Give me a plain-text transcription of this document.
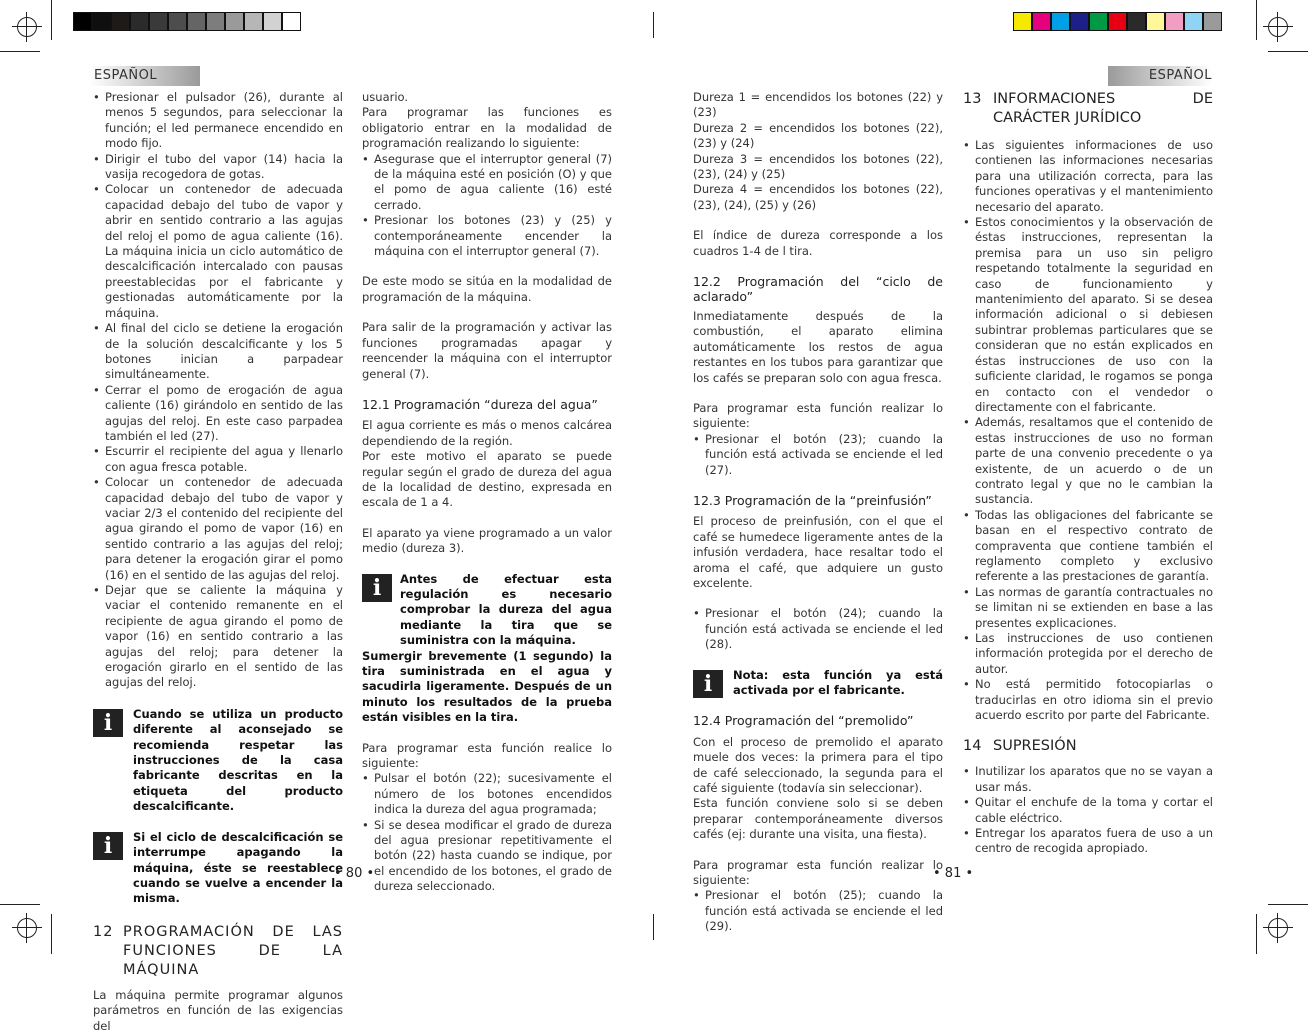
ESPAÑOL	ESPAÑOL
• Presionar el pulsador (26), durante al menos 5 segundos, para seleccionar la función; el led permanece encendido en modo fijo.
• Dirigir el tubo del vapor (14) hacia la vasija recogedora de gotas.
• Colocar un contenedor de adecuada capacidad debajo del tubo de vapor y abrir en sentido contrario a las agujas del reloj el pomo de agua caliente (16). La máquina inicia un ciclo automático de descalcificación intercalado con pausas preestablecidas por el fabricante y gestionadas automáticamente por la máquina.
• Al final del ciclo se detiene la erogación de la solución descalcificante y los 5 botones inician a parpadear simultáneamente.
• Cerrar el pomo de erogación de agua caliente (16) girándolo en sentido de las agujas del reloj. En este caso parpadea también el led (27).
• Escurrir el recipiente del agua y llenarlo con agua fresca potable.
• Colocar un contenedor de adecuada capacidad debajo del tubo de vapor y vaciar 2/3 el contenido del recipiente del agua girando el pomo de vapor (16) en sentido contrario a las agujas del reloj; para detener la erogación girar el pomo (16) en el sentido de las agujas del reloj.
• Dejar que se caliente la máquina y vaciar el contenido remanente en el recipiente de agua girando el pomo de vapor (16) en sentido contrario a las agujas del reloj; para detener la erogación girarlo en el sentido de las agujas del reloj.
i	Cuando se utiliza un producto diferente al aconsejado se recomienda respetar las instrucciones de la casa fabricante descritas en la etiqueta del producto descalcificante.
i	Si el ciclo de descalcificación se interrumpe apagando la máquina, éste se reestablece cuando se vuelve a encender la misma.
12 PROGRAMACIÓN DE LAS FUNCIONES DE LA MÁQUINA

La máquina permite programar algunos parámetros en función de las exigencias del

usuario.

Para programar las funciones es obligatorio entrar en la modalidad de programación realizando lo siguiente:

• Asegurase que el interruptor general (7) de la máquina esté en posición (O) y que el pomo de agua caliente (16) esté cerrado.
• Presionar los botones (23) y (25) y contemporáneamente encender la máquina con el interruptor general (7).

De este modo se sitúa en la modalidad de programación de la máquina.

Para salir de la programación y activar las funciones programadas apagar y reencender la máquina con el interruptor general (7).

12.1 Programación “dureza del agua”

El agua corriente es más o menos calcárea dependiendo de la región.

Por este motivo el aparato se puede regular según el grado de dureza del agua de la localidad de destino, expresada en escala de 1 a 4.

El aparato ya viene programado a un valor medio (dureza 3).

i	Antes de efectuar esta regulación es necesario comprobar la dureza del agua mediante la tira que se suministra con la máquina.
Sumergir brevemente (1 segundo) la tira suministrada en el agua y sacudirla ligeramente. Después de un minuto los resultados de la prueba están visibles en la tira.

Para programar esta función realice lo siguiente:

• Pulsar el botón (22); sucesivamente el número de los botones encendidos indica la dureza del agua programada;
• Si se desea modificar el grado de dureza del agua presionar repetitivamente el botón (22) hasta cuando se indique, por el encendido de los botones, el grado de dureza seleccionado.
• 80 •
Dureza 1 = encendidos los botones (22) y (23)
Dureza 2 = encendidos los botones (22), (23) y (24)
Dureza 3 = encendidos los botones (22), (23), (24) y (25)
Dureza 4 = encendidos los botones (22), (23), (24), (25) y (26)

El índice de dureza corresponde a los cuadros 1-4 de l tira.

12.2 Programación del “ciclo de aclarado”

Inmediatamente después de la combustión, el aparato elimina automáticamente los restos de agua restantes en los tubos para garantizar que los cafés se preparan solo con agua fresca.

Para programar esta función realizar lo siguiente:

• Presionar el botón (23); cuando la función está activada se enciende el led (27).

12.3 Programación de la “preinfusión”

El proceso de preinfusión, con el que el café se humedece ligeramente antes de la infusión verdadera, hace resaltar todo el aroma el café, que adquiere un gusto excelente.

• Presionar el botón (24); cuando la función está activada se enciende el led (28).
i	Nota: esta función ya está activada por el fabricante.

12.4 Programación del “premolido”

Con el proceso de premolido el aparato muele dos veces: la primera para el tipo de café seleccionado, la segunda para el café siguiente (todavía sin seleccionar).

Esta función conviene solo si se deben preparar contemporáneamente diversos cafés (ej: durante una visita, una fiesta).

Para programar esta función realizar lo siguiente:

• Presionar el botón (25); cuando la función está activada se enciende el led (29).
13 INFORMACIONES DE CARÁCTER JURÍDICO
• Las siguientes informaciones de uso contienen las informaciones necesarias para una utilización correcta, para las funciones operativas y el mantenimiento necesario del aparato.
• Estos conocimientos y la observación de éstas instrucciones, representan la premisa para un uso sin peligro respetando totalmente la seguridad en caso de funcionamiento y mantenimiento del aparato. Si se desea información adicional o si debiesen subintrar problemas particulares que se consideran que no están explicados en éstas instrucciones de uso con la suficiente claridad, le rogamos se ponga en contacto con el vendedor o directamente con el fabricante.
• Además, resaltamos que el contenido de estas instrucciones de uso no forman parte de una convenio precedente o ya existente, de un acuerdo o de un contrato legal y que no le cambian la sustancia.
• Todas las obligaciones del fabricante se basan en el respectivo contrato de compraventa que contiene también el reglamento completo y exclusivo referente a las prestaciones de garantía.
• Las normas de garantía contractuales no se limitan ni se extienden en base a las presentes explicaciones.
• Las instrucciones de uso contienen información protegida por el derecho de autor.
• No está permitido fotocopiarlas o traducirlas en otro idioma sin el previo acuerdo escrito por parte del Fabricante.
14 SUPRESIÓN
• Inutilizar los aparatos que no se vayan a usar más.
• Quitar el enchufe de la toma y cortar el cable eléctrico.
• Entregar los aparatos fuera de uso a un centro de recogida apropiado.
• 81 •
